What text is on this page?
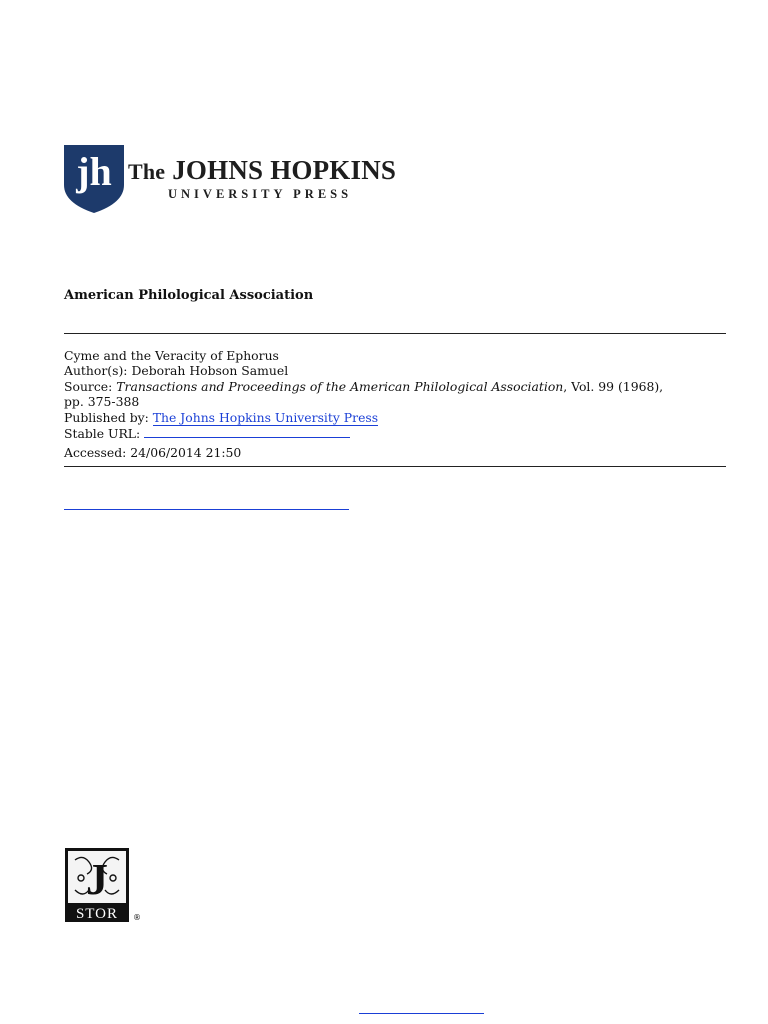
jh The JOHNS HOPKINS
UNIVERSITY PRESS
American Philological Association
Cyme and the Veracity of Ephorus
Author(s): Deborah Hobson Samuel
Source: Transactions and Proceedings of the American Philological Association, Vol. 99 (1968),
pp. 375-388
Published by: The Johns Hopkins University Press
Stable URL:
Accessed: 24/06/2014 21:50
J
STOR ®
